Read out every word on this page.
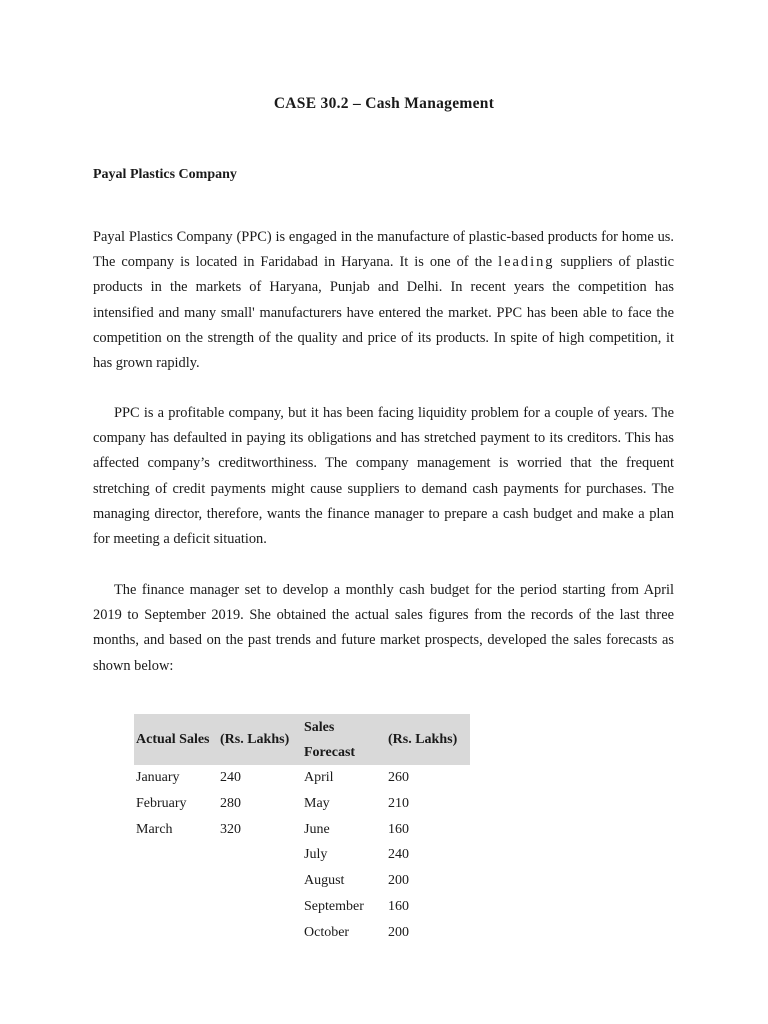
CASE 30.2 – Cash Management
Payal Plastics Company

Payal Plastics Company (PPC) is engaged in the manufacture of plastic-based products for home us. The company is located in Faridabad in Haryana. It is one of the leading suppliers of plastic products in the markets of Haryana, Punjab and Delhi. In recent years the competition has intensified and many small' manufacturers have entered the market. PPC has been able to face the competition on the strength of the quality and price of its products. In spite of high competition, it has grown rapidly.

PPC is a profitable company, but it has been facing liquidity problem for a couple of years. The company has defaulted in paying its obligations and has stretched payment to its creditors. This has affected company’s creditworthiness. The company management is worried that the frequent stretching of credit payments might cause suppliers to demand cash payments for purchases. The managing director, therefore, wants the finance manager to prepare a cash budget and make a plan for meeting a deficit situation.

The finance manager set to develop a monthly cash budget for the period starting from April 2019 to September 2019. She obtained the actual sales figures from the records of the last three months, and based on the past trends and future market prospects, developed the sales forecasts as shown below:

Actual Sales	(Rs. Lakhs)	Sales Forecast	(Rs. Lakhs)
January	240	April	260
February	280	May	210
March	320	June	160
		July	240
		August	200
		September	160
		October	200
